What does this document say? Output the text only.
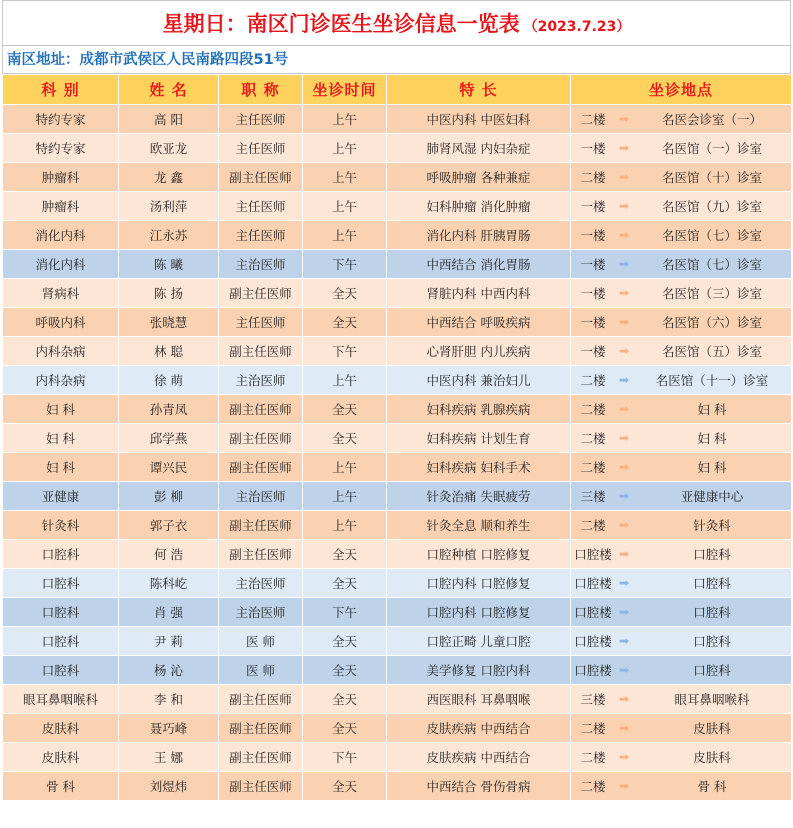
星期日：南区门诊医生坐诊信息一览表 （2023.7.23）
南区地址：成都市武侯区人民南路四段51号
科 别	姓 名	职 称	坐诊时间	特 长	坐诊地点
特约专家	高 阳	主任医师	上午	中医内科 中医妇科	二楼 ➡ 名医会诊室（一）

特约专家	欧亚龙	主任医师	上午	肺肾风湿 内妇杂症	一楼 ➡ 名医馆（一）诊室

肿瘤科	龙 鑫	副主任医师	上午	呼吸肿瘤 各种兼症	二楼 ➡ 名医馆（十）诊室

肿瘤科	汤利萍	主任医师	上午	妇科肿瘤 消化肿瘤	一楼 ➡ 名医馆（九）诊室

消化内科	江永苏	主任医师	上午	消化内科 肝胰胃肠	一楼 ➡ 名医馆（七）诊室

消化内科	陈 曦	主治医师	下午	中西结合 消化胃肠	一楼 ➡ 名医馆（七）诊室

肾病科	陈 扬	副主任医师	全天	肾脏内科 中西内科	一楼 ➡ 名医馆（三）诊室

呼吸内科	张晓慧	主任医师	全天	中西结合 呼吸疾病	一楼 ➡ 名医馆（六）诊室

内科杂病	林 聪	副主任医师	下午	心肾肝胆 内儿疾病	一楼 ➡ 名医馆（五）诊室

内科杂病	徐 萌	主治医师	上午	中医内科 兼治妇儿	二楼 ➡ 名医馆（十一）诊室

妇 科	孙青凤	副主任医师	全天	妇科疾病 乳腺疾病	二楼 ➡ 妇 科

妇 科	邱学燕	副主任医师	全天	妇科疾病 计划生育	二楼 ➡ 妇 科

妇 科	谭兴民	副主任医师	上午	妇科疾病 妇科手术	二楼 ➡ 妇 科

亚健康	彭 柳	主治医师	上午	针灸治痛 失眠疲劳	三楼 ➡ 亚健康中心

针灸科	郭子衣	副主任医师	上午	针灸全息 顺和养生	二楼 ➡ 针灸科

口腔科	何 浩	副主任医师	全天	口腔种植 口腔修复	口腔楼 ➡ 口腔科

口腔科	陈科屹	主治医师	全天	口腔内科 口腔修复	口腔楼 ➡ 口腔科

口腔科	肖 强	主治医师	下午	口腔内科 口腔修复	口腔楼 ➡ 口腔科

口腔科	尹 莉	医 师	全天	口腔正畸 儿童口腔	口腔楼 ➡ 口腔科

口腔科	杨 沁	医 师	全天	美学修复 口腔内科	口腔楼 ➡ 口腔科

眼耳鼻咽喉科	李 和	副主任医师	全天	西医眼科 耳鼻咽喉	三楼 ➡ 眼耳鼻咽喉科

皮肤科	聂巧峰	副主任医师	全天	皮肤疾病 中西结合	二楼 ➡ 皮肤科

皮肤科	王 娜	副主任医师	下午	皮肤疾病 中西结合	二楼 ➡ 皮肤科

骨 科	刘煜炜	副主任医师	全天	中西结合 骨伤骨病	二楼 ➡ 骨 科
